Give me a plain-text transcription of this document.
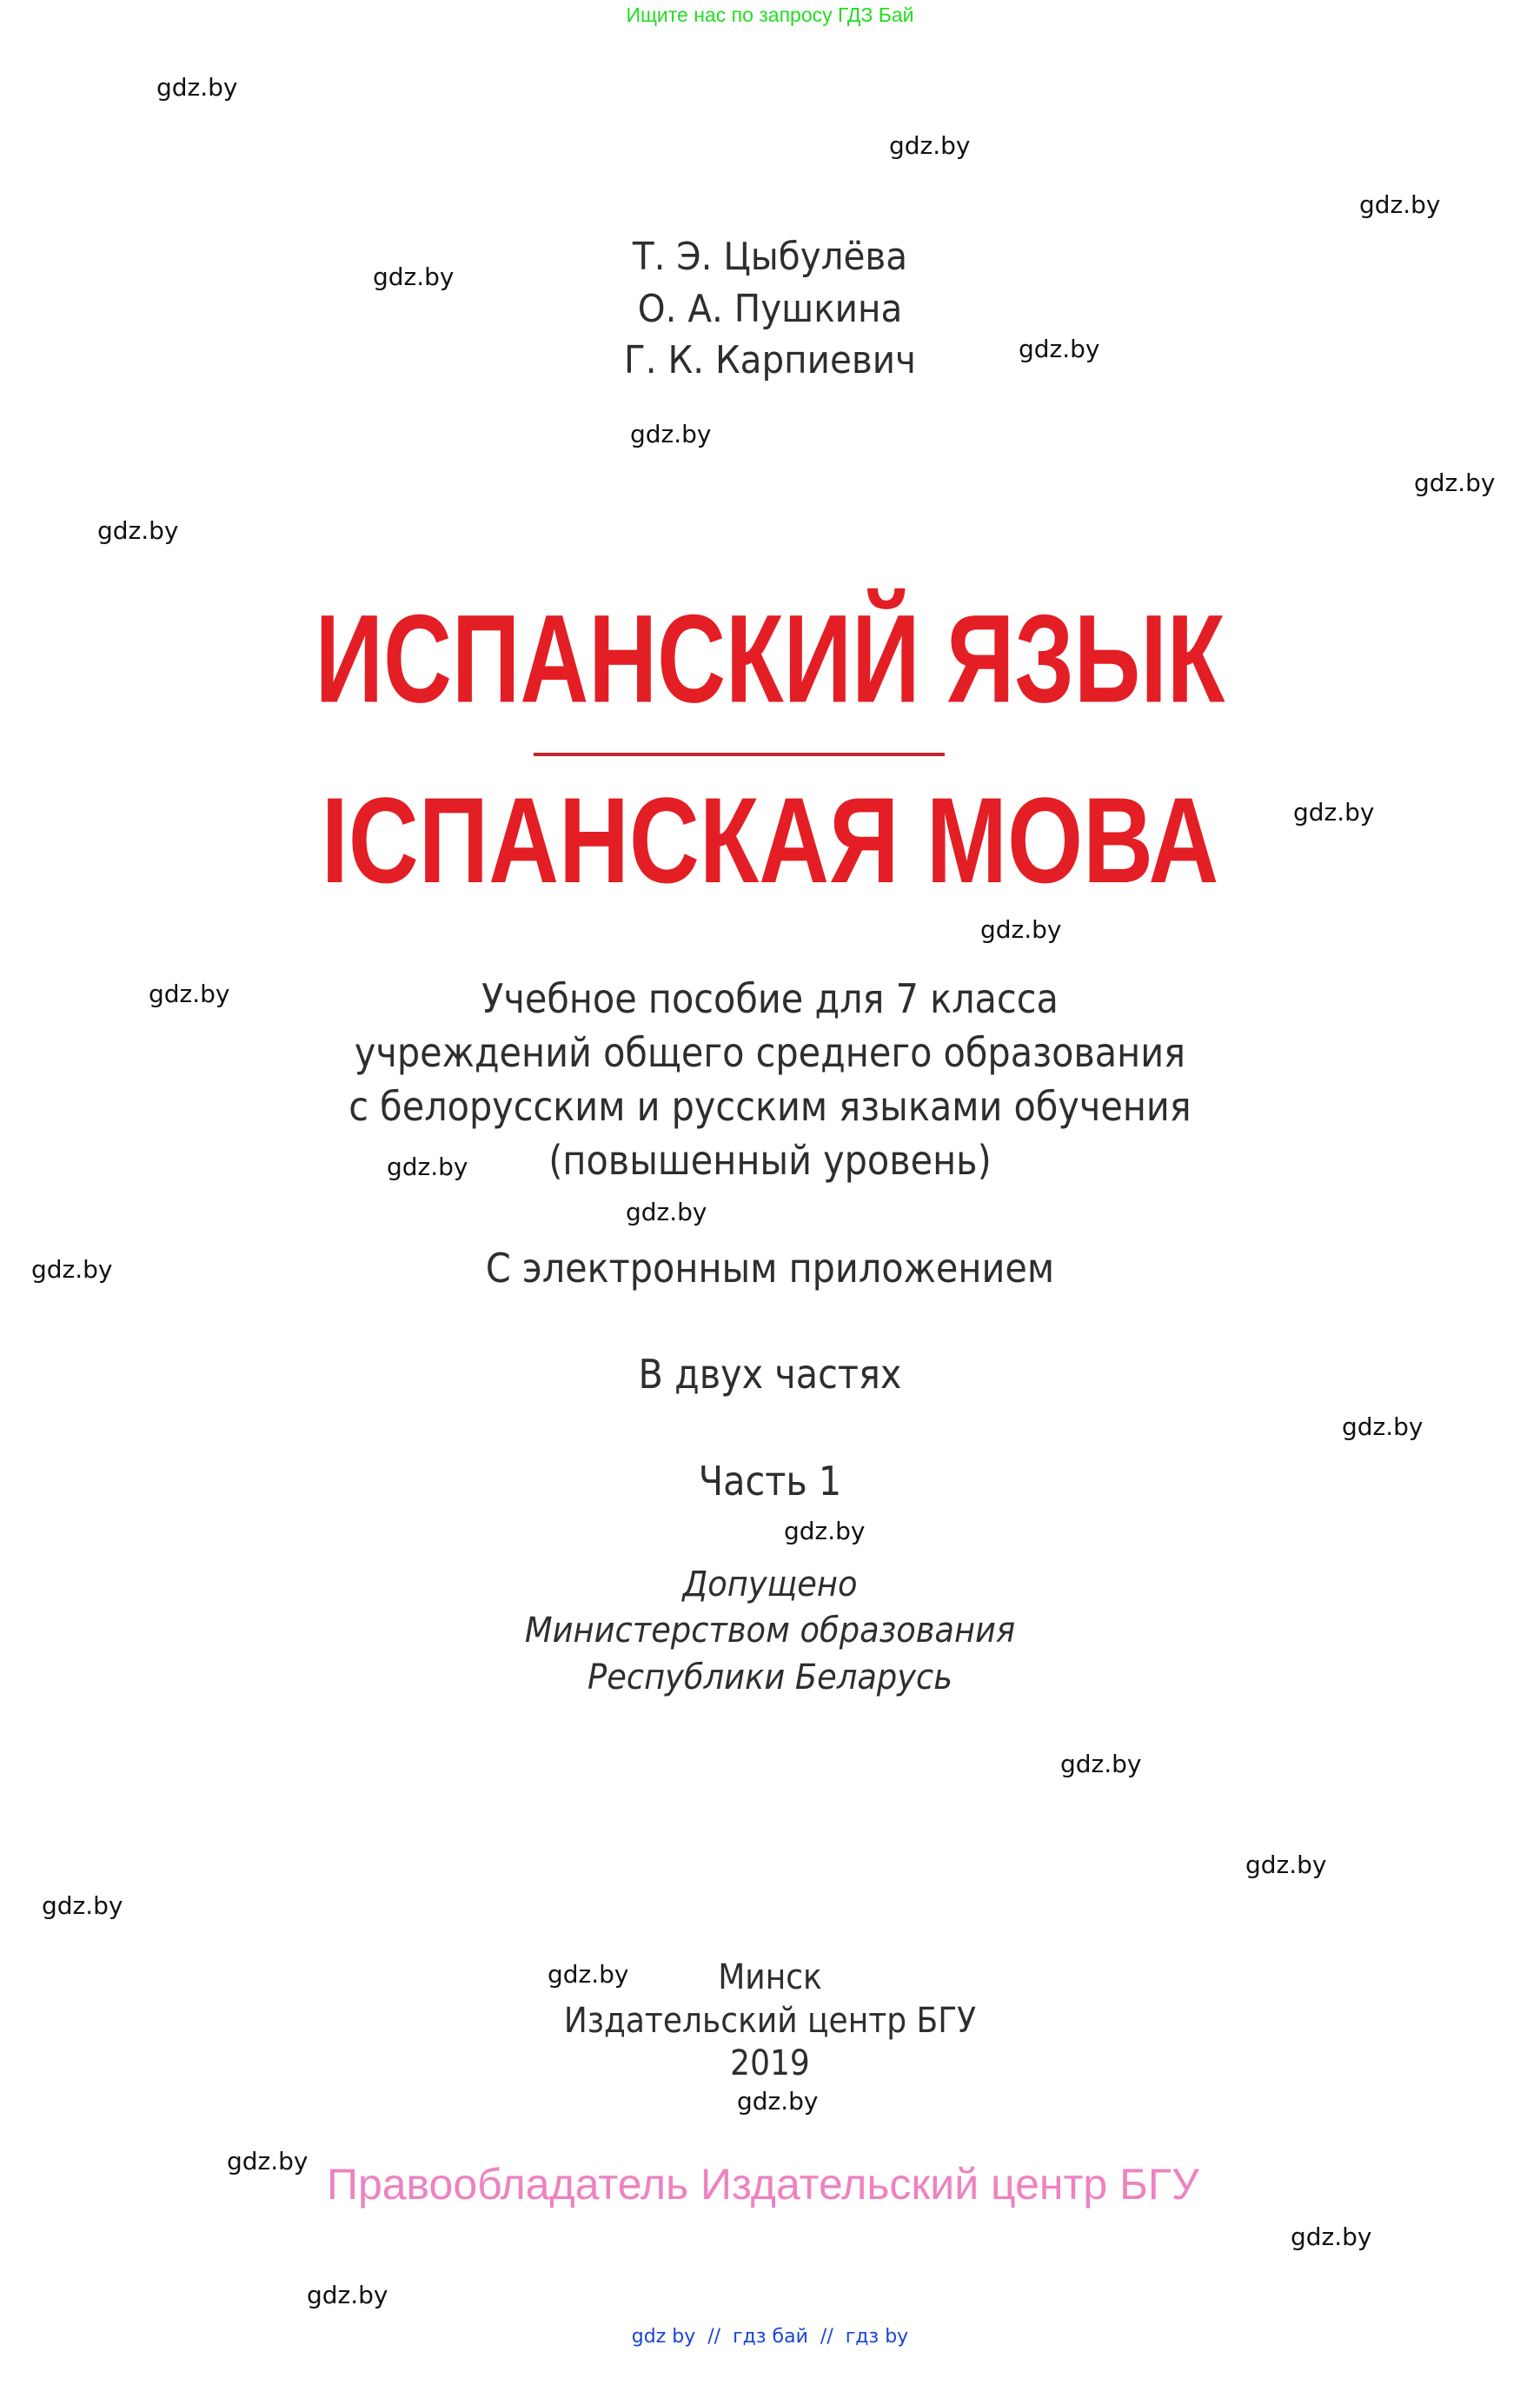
Ищите нас по запросу ГДЗ Бай
gdz.by
gdz.by
gdz.by
gdz.by
gdz.by
gdz.by
gdz.by
gdz.by
gdz.by
gdz.by
gdz.by
gdz.by
gdz.by
gdz.by
gdz.by
gdz.by
gdz.by
gdz.by
gdz.by
gdz.by
gdz.by
gdz.by
gdz.by
gdz.by
Т. Э. Цыбулёва
О. А. Пушкина
Г. К. Карпиевич
ИСПАНСКИЙ ЯЗЫК
ІСПАНСКАЯ МОВА
Учебное пособие для 7 класса
учреждений общего среднего образования
с белорусским и русским языками обучения
(повышенный уровень)
С электронным приложением
В двух частях
Часть 1
Допущено
Министерством образования
Республики Беларусь
Минск
Издательский центр БГУ
2019
Правообладатель Издательский центр БГУ
gdz by // гдз бай // гдз by
